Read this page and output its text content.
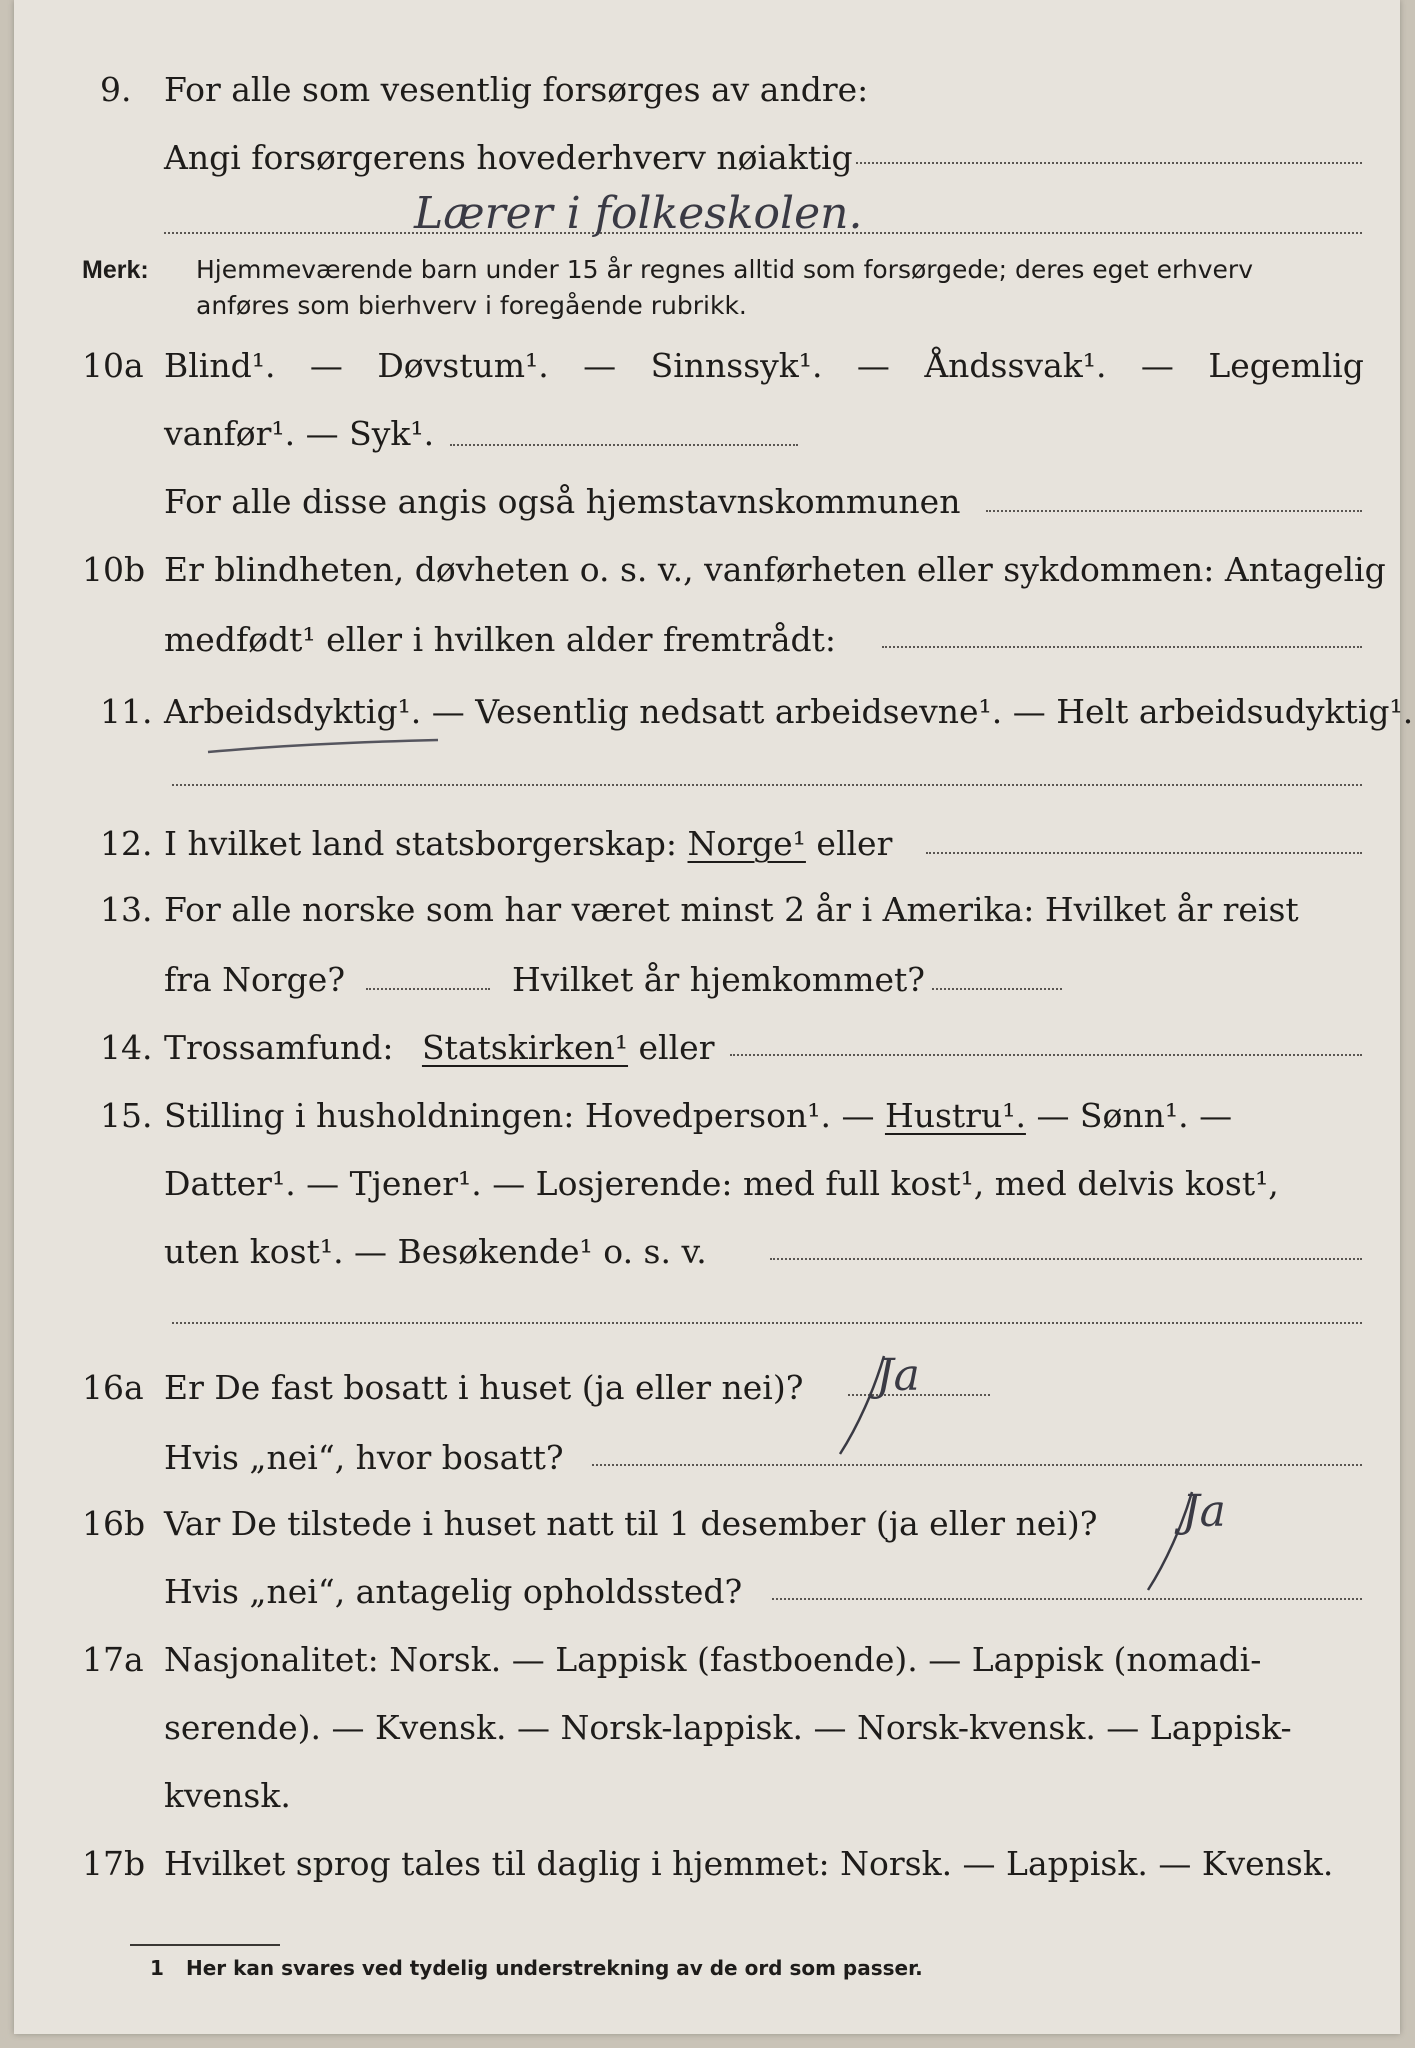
9. For alle som vesentlig forsørges av andre:
Angi forsørgerens hovederhverv nøiaktig
Lærer i folkeskolen.
Merk: Hjemmeværende barn under 15 år regnes alltid som forsørgede; deres eget erhverv
anføres som bierhverv i foregående rubrikk.
10a Blind¹. — Døvstum¹. — Sinnssyk¹. — Åndssvak¹. — Legemlig
vanfør¹. — Syk¹.
For alle disse angis også hjemstavnskommunen
10b Er blindheten, døvheten o. s. v., vanførheten eller sykdommen: Antagelig
medfødt¹ eller i hvilken alder fremtrådt:
11. Arbeidsdyktig¹. — Vesentlig nedsatt arbeidsevne¹. — Helt arbeidsudyktig¹.
12. I hvilket land statsborgerskap: Norge¹ eller
13. For alle norske som har været minst 2 år i Amerika: Hvilket år reist
fra Norge?	Hvilket år hjemkommet?
14. Trossamfund: Statskirken¹ eller
15. Stilling i husholdningen: Hovedperson¹. — Hustru¹. — Sønn¹. —
Datter¹. — Tjener¹. — Losjerende: med full kost¹, med delvis kost¹,
uten kost¹. — Besøkende¹ o. s. v.
16a Er De fast bosatt i huset (ja eller nei)? Ja
Hvis „nei“, hvor bosatt?
16b Var De tilstede i huset natt til 1 desember (ja eller nei)? Ja
Hvis „nei“, antagelig opholdssted?
17a Nasjonalitet: Norsk. — Lappisk (fastboende). — Lappisk (nomadi-
serende). — Kvensk. — Norsk-lappisk. — Norsk-kvensk. — Lappisk-
kvensk.
17b Hvilket sprog tales til daglig i hjemmet: Norsk. — Lappisk. — Kvensk.
1 Her kan svares ved tydelig understrekning av de ord som passer.
